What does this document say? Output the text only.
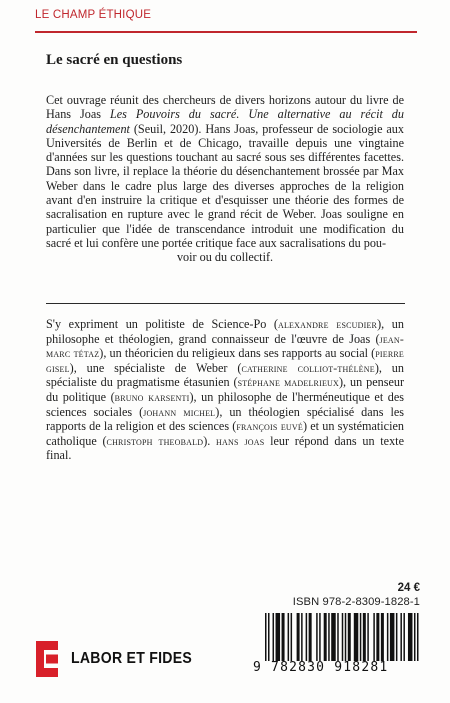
LE CHAMP ÉTHIQUE
Le sacré en questions
Cet ouvrage réunit des chercheurs de divers horizons autour du livre de Hans Joas Les Pouvoirs du sacré. Une alternative au récit du désenchantement (Seuil, 2020). Hans Joas, professeur de sociologie aux Universités de Berlin et de Chicago, travaille depuis une vingtaine d'années sur les questions touchant au sacré sous ses différentes facettes. Dans son livre, il replace la théorie du désenchantement brossée par Max Weber dans le cadre plus large des diverses approches de la religion avant d'en instruire la critique et d'esquisser une théorie des formes de sacralisation en rupture avec le grand récit de Weber. Joas souligne en particulier que l'idée de transcendance introduit une modification du sacré et lui confère une portée critique face aux sacralisations du pou-
voir ou du collectif.
S'y expriment un politiste de Science-Po (alexandre escudier), un philosophe et théologien, grand connaisseur de l'œuvre de Joas (jean-marc tétaz), un théoricien du religieux dans ses rapports au social (pierre gisel), une spécialiste de Weber (catherine colliot-thélène), un spécialiste du pragmatisme étasunien (stéphane madelrieux), un penseur du politique (bruno karsenti), un philosophe de l'herméneutique et des sciences sociales (johann michel), un théologien spécialisé dans les rapports de la religion et des sciences (françois euvé) et un systématicien catholique (christoph theobald). hans joas leur répond dans un texte final.
24 €
ISBN 978-2-8309-1828-1
LABOR ET FIDES
9 782830 918281
